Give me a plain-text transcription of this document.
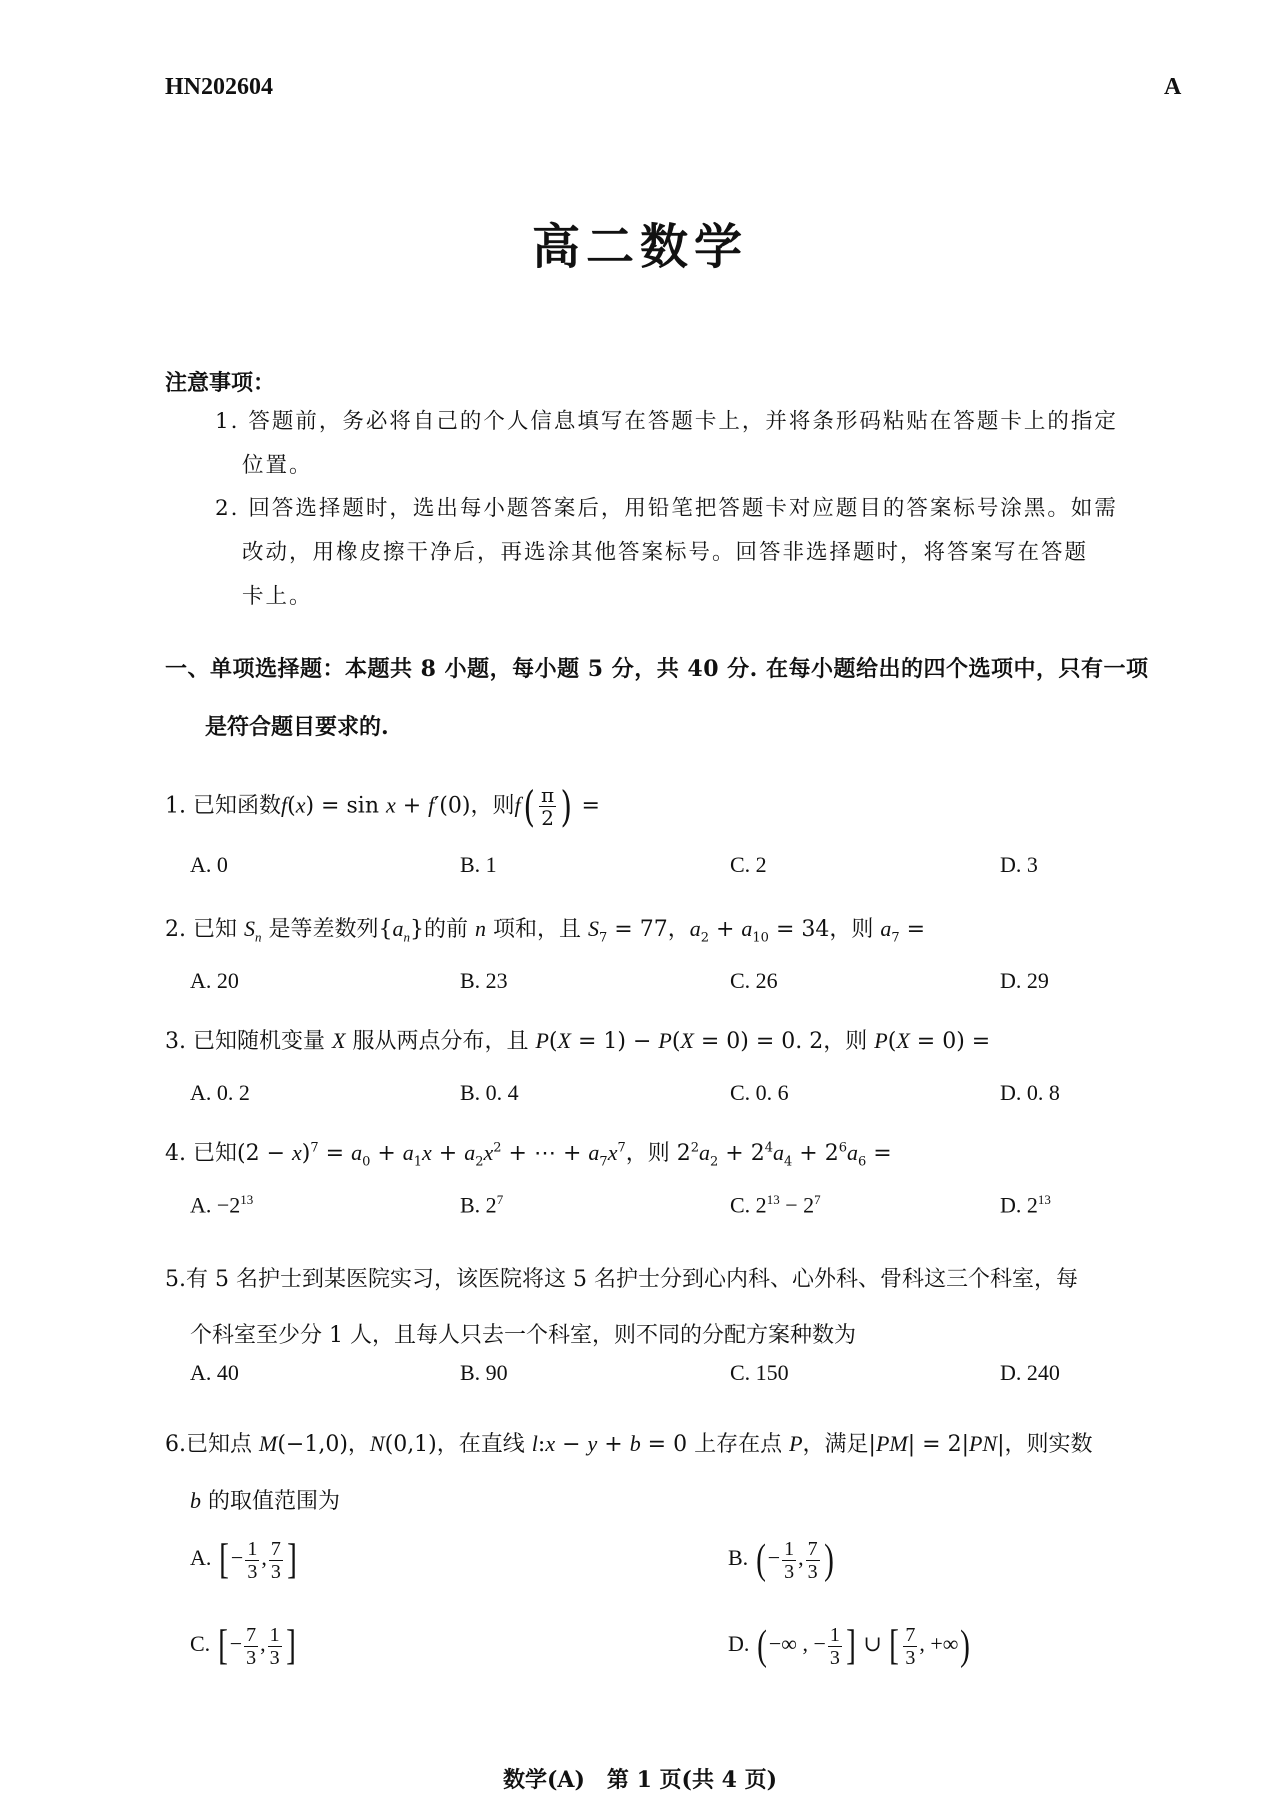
HN202604	A
高二数学
注意事项：
1. 答题前，务必将自己的个人信息填写在答题卡上，并将条形码粘贴在答题卡上的指定
位置。
2. 回答选择题时，选出每小题答案后，用铅笔把答题卡对应题目的答案标号涂黑。如需
改动，用橡皮擦干净后，再选涂其他答案标号。回答非选择题时，将答案写在答题
卡上。
一、单项选择题：本题共 8 小题，每小题 5 分，共 40 分. 在每小题给出的四个选项中，只有一项
是符合题目要求的.
1. 已知函数f(x) = sin x + f′(0)，则$f( \frac{\pi}{2}$ ) =
A. 0	B. 1	C. 2	D. 3
2. 已知 $S_n$ 是等差数列$\{a_n\}$的前 n 项和，且 $S_7 = 77$，$a_2 + a_{10} = 34$，则 $a_7$ =
A. 20	B. 23	C. 26	D. 29
3. 已知随机变量 X 服从两点分布，且 P(X = 1) − P(X = 0) = 0. 2，则 P(X = 0) =
A. 0. 2	B. 0. 4	C. 0. 6	D. 0. 8
4. 已知$(2 - x)^7 = a_0 + a_1x + a_2x^2$ + ⋯ + $a_7x^7$，则 $2^2a_2 + 2^4a_4 + 2^6a_6$ =
A. $-2^{13}$	B. $2^7$	C. $2^{13} - 2^7$	D. $2^{13}$
5.有 5 名护士到某医院实习，该医院将这 5 名护士分到心内科、心外科、骨科这三个科室，每
个科室至少分 1 人，且每人只去一个科室，则不同的分配方案种数为
A. 40	B. 90	C. 150	D. 240
6.已知点 M(−1,0)，N(0,1)，在直线 l:x − y + b = 0 上存在点 P，满足|PM| = 2|PN|，则实数
b 的取值范围为
A. [− $\frac{1}{3}$ , $\frac{7}{3}$ ]	B. (− $\frac{1}{3}$ , $\frac{7}{3}$ )
C. [− $\frac{7}{3}$ , $\frac{1}{3}$ ]	D. (−∞ , − $\frac{1}{3}$ ] ∪ [ $\frac{7}{3}$ , +∞)
数学(A)　第 1 页(共 4 页)
